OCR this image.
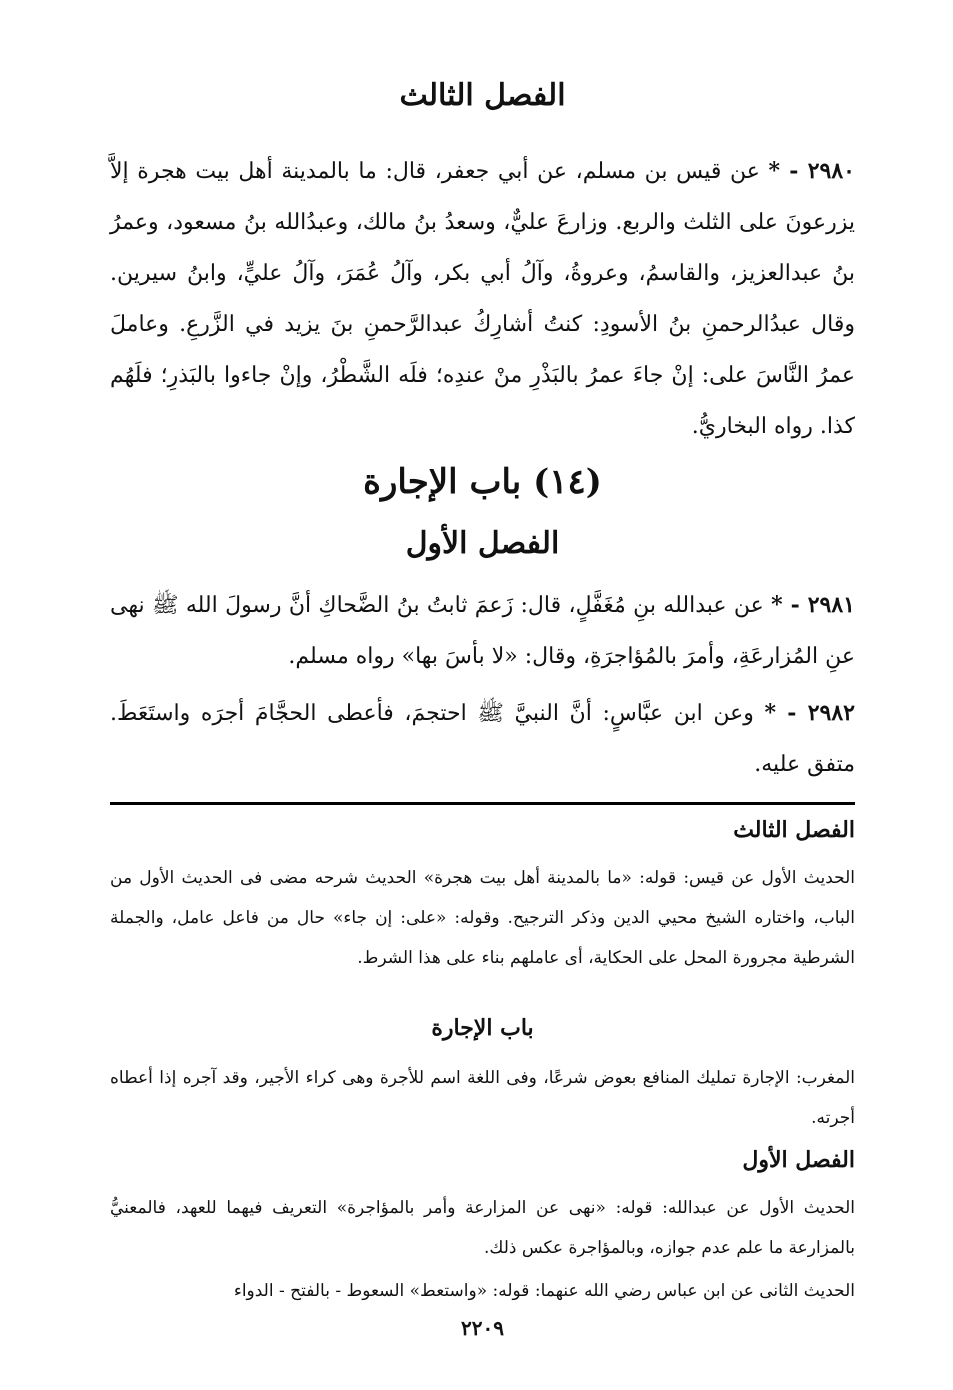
الفصل الثالث

٢٩٨٠ - * عن قيس بن مسلم، عن أبي جعفر، قال: ما بالمدينة أهل بيت هجرة إلاَّ يزرعونَ على الثلث والربع. وزارعَ عليٌّ، وسعدُ بنُ مالك، وعبدُالله بنُ مسعود، وعمرُ بنُ عبدالعزيز، والقاسمُ، وعروةُ، وآلُ أبي بكر، وآلُ عُمَرَ، وآلُ عليٍّ، وابنُ سيرين. وقال عبدُالرحمنِ بنُ الأسودِ: كنتُ أشارِكُ عبدالرَّحمنِ بنَ يزيد في الزَّرعِ. وعاملَ عمرُ النَّاسَ على: إنْ جاءَ عمرُ بالبَذْرِ منْ عندِه؛ فلَه الشَّطْرُ، وإنْ جاءوا بالبَذرِ؛ فلَهُم كذا. رواه البخاريُّ.

(١٤) باب الإجارة
الفصل الأول

٢٩٨١ - * عن عبدالله بنِ مُغَفَّلٍ، قال: زَعمَ ثابتُ بنُ الضَّحاكِ أنَّ رسولَ الله ﷺ نهى عنِ المُزارعَةِ، وأمرَ بالمُؤاجرَةِ، وقال: «لا بأسَ بها» رواه مسلم.

٢٩٨٢ - * وعن ابن عبَّاسٍ: أنَّ النبيَّ ﷺ احتجمَ، فأعطى الحجَّامَ أجرَه واستَعَطَ. متفق عليه.

الفصل الثالث

الحديث الأول عن قيس: قوله: «ما بالمدينة أهل بيت هجرة» الحديث شرحه مضى فى الحديث الأول من الباب، واختاره الشيخ محيي الدين وذكر الترجيح. وقوله: «على: إن جاء» حال من فاعل عامل، والجملة الشرطية مجرورة المحل على الحكاية، أى عاملهم بناء على هذا الشرط.

باب الإجارة

المغرب: الإجارة تمليك المنافع بعوض شرعًا، وفى اللغة اسم للأجرة وهى كراء الأجير، وقد آجره إذا أعطاه أجرته.

الفصل الأول

الحديث الأول عن عبدالله: قوله: «نهى عن المزارعة وأمر بالمؤاجرة» التعريف فيهما للعهد، فالمعنيُّ بالمزارعة ما علم عدم جوازه، وبالمؤاجرة عكس ذلك.

الحديث الثانى عن ابن عباس رضي الله عنهما: قوله: «واستعط» السعوط - بالفتح - الدواء

٢٢٠٩
